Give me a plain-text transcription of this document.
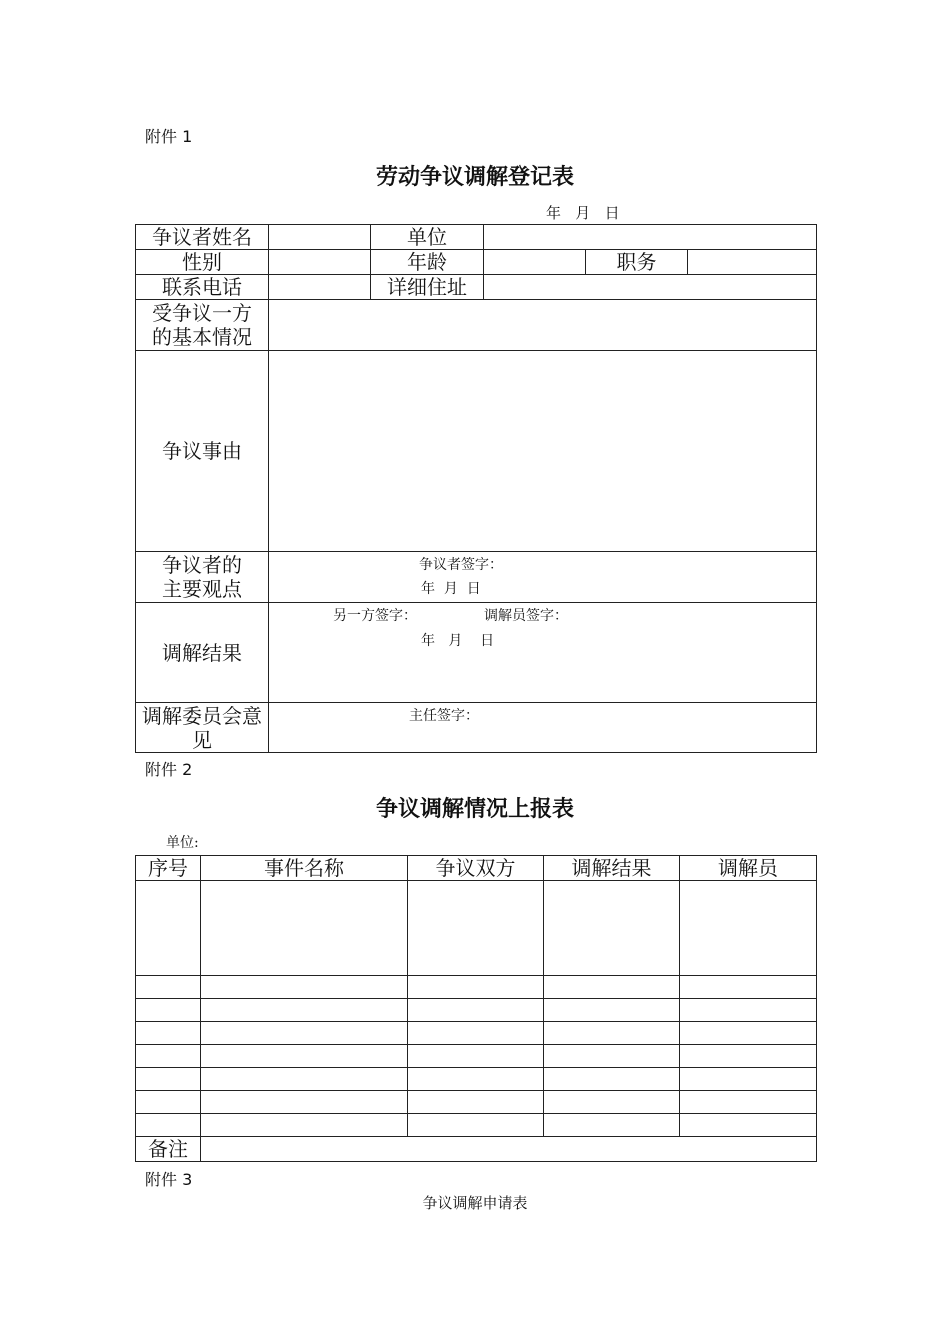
附件 1
劳动争议调解登记表
年   月   日
争议者姓名		单位			
性别		年龄		职务	
联系电话		详细住址			
受争议一方的基本情况					
争议事由					
争议者的主要观点	争议者签字：
年  月  日				

调解结果	另一方签字： 调解员签字：
年   月    日				

调解委员会意见	主任签字：				
附件 2
争议调解情况上报表
单位:
序号	事件名称	争议双方	调解结果	调解员

备注				
附件 3
争议调解申请表
